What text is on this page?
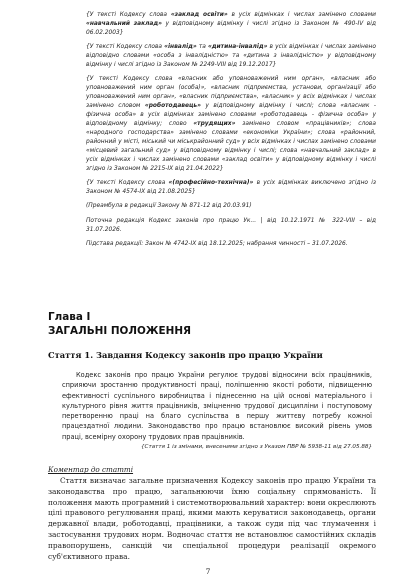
{У тексті Кодексу слова «заклад освіти» в усіх відмінках і числах замінено словами «навчальний заклад» у відповідному відмінку і числі згідно із Законом № 490-IV від 06.02.2003}

{У тексті Кодексу слова «інвалід» та «дитина-інвалід» в усіх відмінках і числах замінено відповідно словами «особа з інвалідністю» та «дитина з інвалідністю» у відповідному відмінку і числі згідно із Законом № 2249-VIII від 19.12.2017}

{У тексті Кодексу слова «власник або уповноважений ним орган», «власник або уповноважений ним орган (особа)», «власник підприємства, установи, організації або уповноважений ним орган», «власник підприємства», «власник» у всіх відмінках і числах замінено словом «роботодавець» у відповідному відмінку і числі; слова «власник - фізична особа» в усіх відмінках замінено словами «роботодавець - фізична особа» у відповідному відмінку; слово «трудящих» замінено словом «працівників»; слова «народного господарства» замінено словами «економіки України»; слова «районний, районний у місті, міський чи міськрайонний суд» у всіх відмінках і числах замінено словами «місцевий загальний суд» у відповідному відмінку і числі; слова «навчальний заклад» в усіх відмінках і числах замінено словами «заклад освіти» у відповідному відмінку і числі згідно із Законом № 2215-IX від 21.04.2022}

{У тексті Кодексу слова «(професійно-технічна)» в усіх відмінках виключено згідно із Законом № 4574-IX від 21.08.2025}

(Преамбула в редакції Закону № 871-12 від 20.03.91)

Поточна редакція Кодекс законів про працю Ук... | від 10.12.1971 № 322-VIII – від 31.07.2026.

Підстава редакції: Закон № 4742-IX від 18.12.2025; набрання чинності – 31.07.2026.

Глава I
ЗАГАЛЬНІ ПОЛОЖЕННЯ
Стаття 1. Завдання Кодексу законів про працю України

Кодекс законів про працю України регулює трудові відносини всіх працівників, сприяючи зростанню продуктивності праці, поліпшенню якості роботи, підвищенню ефективності суспільного виробництва і піднесенню на цій основі матеріального і культурного рівня життя працівників, зміцненню трудової дисципліни і поступовому перетворенню праці на благо суспільства в першу життєву потребу кожної працездатної людини. Законодавство про працю встановлює високий рівень умов праці, всемірну охорону трудових прав працівників.

{Стаття 1 із змінами, внесеними згідно з Указом ПВР № 5938-11 від 27.05.88}

Коментар до статті

Стаття визначає загальне призначення Кодексу законів про працю України та законодавства про працю, загальнюючи їхню соціальну спрямованість. Її положення мають програмний і системотворювальний характер: вони окреслюють цілі правового регулювання праці, якими мають керуватися законодавець, органи державної влади, роботодавці, працівники, а також суди під час тлумачення і застосування трудових норм. Водночас стаття не встановлює самостійних складів правопорушень, санкцій чи спеціальної процедури реалізації окремого суб'єктивного права.

7
